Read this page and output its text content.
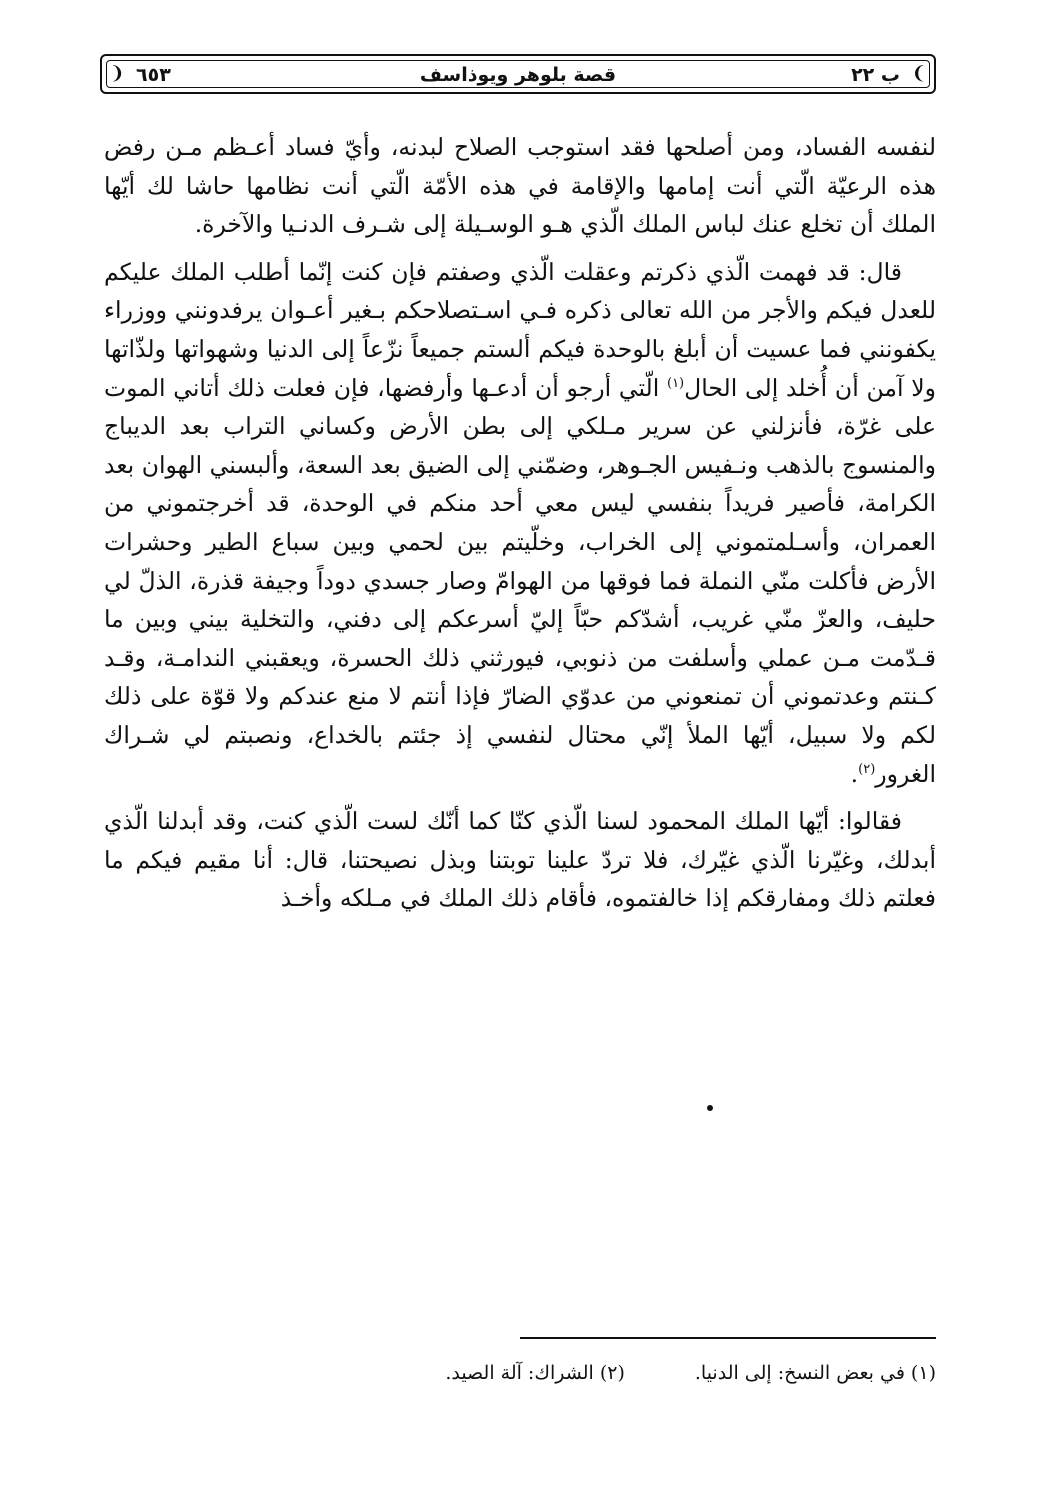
❨
❩	ب ٢٢
قصة بلوهر ويوذاسف
٦٥٣

لنفسه الفساد، ومن أصلحها فقد استوجب الصلاح لبدنه، وأيّ فساد أعـظم مـن رفض هذه الرعيّة الّتي أنت إمامها والإقامة في هذه الأمّة الّتي أنت نظامها حاشا لك أيّها الملك أن تخلع عنك لباس الملك الّذي هـو الوسـيلة إلى شـرف الدنـيا والآخرة.

قال: قد فهمت الّذي ذكرتم وعقلت الّذي وصفتم فإن كنت إنّما أطلب الملك عليكم للعدل فيكم والأجر من الله تعالى ذكره فـي اسـتصلاحكم بـغير أعـوان يرفدونني ووزراء يكفونني فما عسيت أن أبلغ بالوحدة فيكم ألستم جميعاً نزّعاً إلى الدنيا وشهواتها ولذّاتها ولا آمن أن أُخلد إلى الحال$^{(١)}$ الّتي أرجو أن أدعـها وأرفضها، فإن فعلت ذلك أتاني الموت على غرّة، فأنزلني عن سرير مـلكي إلى بطن الأرض وكساني التراب بعد الديباج والمنسوج بالذهب ونـفيس الجـوهر، وضمّني إلى الضيق بعد السعة، وألبسني الهوان بعد الكرامة، فأصير فريداً بنفسي ليس معي أحد منكم في الوحدة، قد أخرجتموني من العمران، وأسـلمتموني إلى الخراب، وخلّيتم بين لحمي وبين سباع الطير وحشرات الأرض فأكلت منّي النملة فما فوقها من الهوامّ وصار جسدي دوداً وجيفة قذرة، الذلّ لي حليف، والعزّ منّي غريب، أشدّكم حبّاً إليّ أسرعكم إلى دفني، والتخلية بيني وبين ما قـدّمت مـن عملي وأسلفت من ذنوبي، فيورثني ذلك الحسرة، ويعقبني الندامـة، وقـد كـنتم وعدتموني أن تمنعوني من عدوّي الضارّ فإذا أنتم لا منع عندكم ولا قوّة على ذلك لكم ولا سبيل، أيّها الملأ إنّي محتال لنفسي إذ جئتم بالخداع، ونصبتم لي شـراك الغرور$^{(٢)}$.

فقالوا: أيّها الملك المحمود لسنا الّذي كنّا كما أنّك لست الّذي كنت، وقد أبدلنا الّذي أبدلك، وغيّرنا الّذي غيّرك، فلا تردّ علينا توبتنا وبذل نصيحتنا، قال: أنا مقيم فيكم ما فعلتم ذلك ومفارقكم إذا خالفتموه، فأقام ذلك الملك في مـلكه وأخـذ

(١) في بعض النسخ: إلى الدنيا.(٢) الشراك: آلة الصيد.
